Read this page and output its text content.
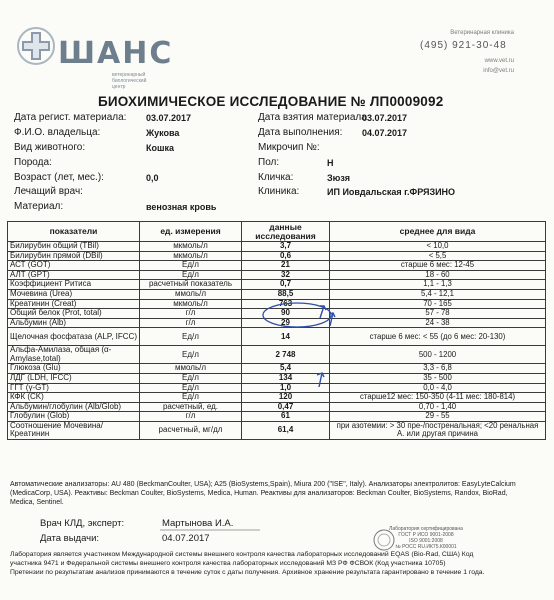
ШАНС
ветеринарный
биологический
центр
Ветеринарная клиника
(495) 921-30-48
www.vet.ru
info@vet.ru
БИОХИМИЧЕСКОЕ ИССЛЕДОВАНИЕ № ЛП0009092
Дата регист. материала: 03.07.2017	Дата взятия материала
03.07.2017
Ф.И.О. владельца:	Жукова	Дата выполнения: 04.07.2017
Вид животного:	Кошка	Микрочип №:
Порода:	Пол:	Н
Возраст (лет, мес.):	0,0	Кличка:	Зюзя
Лечащий врач:	Клиника:	ИП Иовдальская г.ФРЯЗИНО
Материал:	венозная кровь
показатели	ед. измерения	данные исследования	среднее для вида
Билирубин общий (TBil)	мкмоль/л	3,7	< 10,0
Билирубин прямой (DBil)	мкмоль/л	0,6	< 5,5
АСТ (GOT)	Ед/л	21	старше 6 мес: 12-45
АЛТ (GPT)	Ед/л	32	18 - 60
Коэффициент Ритиса	расчетный показатель	0,7	1,1 - 1,3
Мочевина (Urea)	ммоль/л	88,5	5,4 - 12,1
Креатинин (Creat)	мкмоль/л	763	70 - 165
Общий белок (Prot, total)	г/л	90	57 - 78
Альбумин (Alb)	г/л	29	24 - 38
Щелочная фосфатаза (ALP, IFCC)	Ед/л	14	старше 6 мес: < 55 (до 6 мес: 20-130)
Альфа-Амилаза, общая (α-Amylase,total)	Ед/л	2 748	500 - 1200
Глюкоза (Glu)	ммоль/л	5,4	3,3 - 6,8
ЛДГ (LDH, IFCC)	Ед/л	134	35 - 500
ГГТ (γ-GT)	Ед/л	1,0	0,0 - 4,0
КФК (CK)	Ед/л	120	старше12 мес: 150-350 (4-11 мес: 180-814)
Альбумин/глобулин (Alb/Glob)	расчетный, ед.	0,47	0,70 - 1,40
Глобулин (Glob)	г/л	61	29 - 55
Соотношение Мочевина/Креатинин	расчетный, мг/дл	61,4	при азотемии: > 30 пре-/постренальная; <20 ренальная А. или другая причина
Автоматические анализаторы: AU 480 (BeckmanCoulter, USA); A25 (BioSystems,Spain), Miura 200 ("ISE", Italy). Анализаторы электролитов: EasyLyteCalcium
(MedicaCorp, USA). Реактивы: Beckman Coulter, BioSystems, Medica, Human. Реактивы для анализаторов: Beckman Coulter, BioSystems, Randox, BioRad,
Medica, Sentinel.
Врач КЛД, эксперт:	Мартынова И.А.
Дата выдачи:	04.07.2017
Лаборатория сертифицирована
ГОСТ Р ИСО 9001-2008
ISO 9001:2008
№ РОСС RU.ИК75.К00001
Лаборатория является участником Международной системы внешнего контроля качества лабораторных исследований EQAS (Bio-Rad, США) Код
участника 9471 и Федеральной системы внешнего контроля качества лабораторных исследований МЗ РФ ФСВОК (Код участника 10705)
Претензии по результатам анализов принимаются в течение суток с даты получения. Архивное хранение результата гарантировано в течение 1 года.
